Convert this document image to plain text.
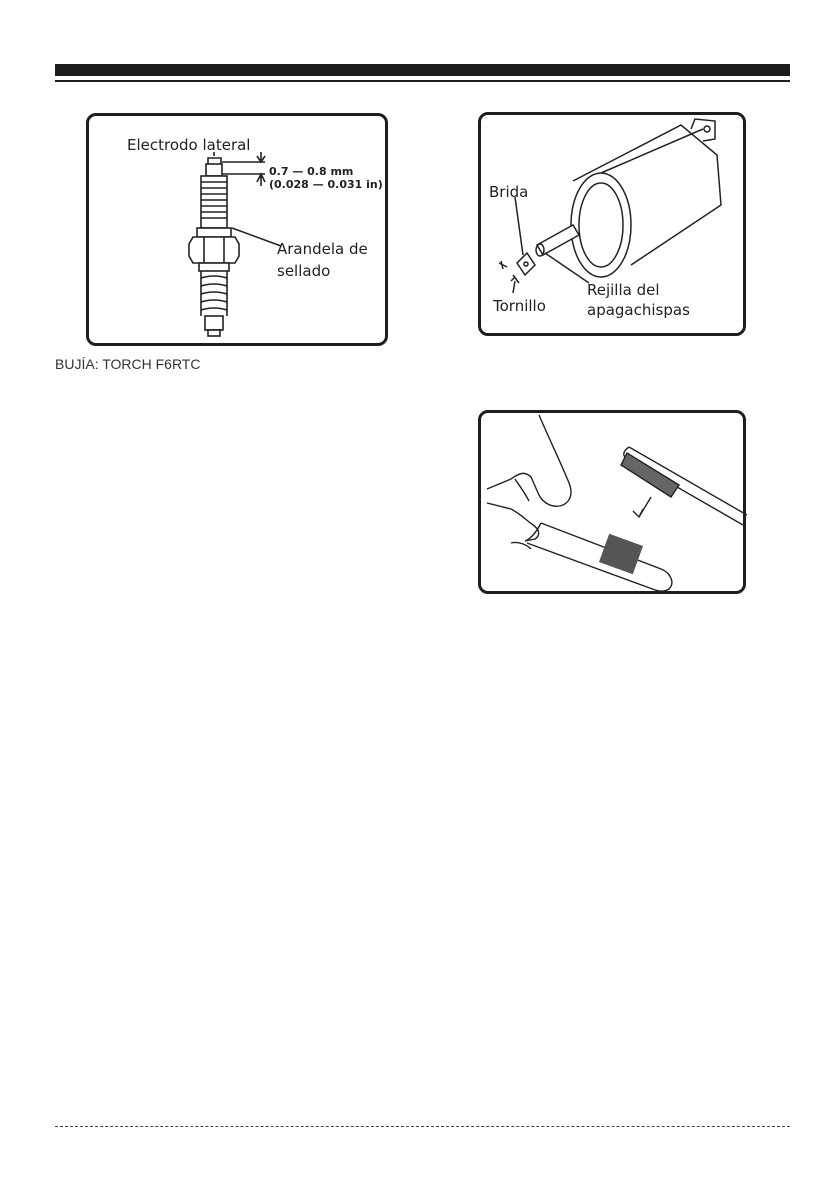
Electrodo lateral
0.7 — 0.8 mm
(0.028 — 0.031 in)
Arandela de
sellado
BUJÍA: TORCH F6RTC
Brida
Tornillo
Rejilla del
apagachispas
